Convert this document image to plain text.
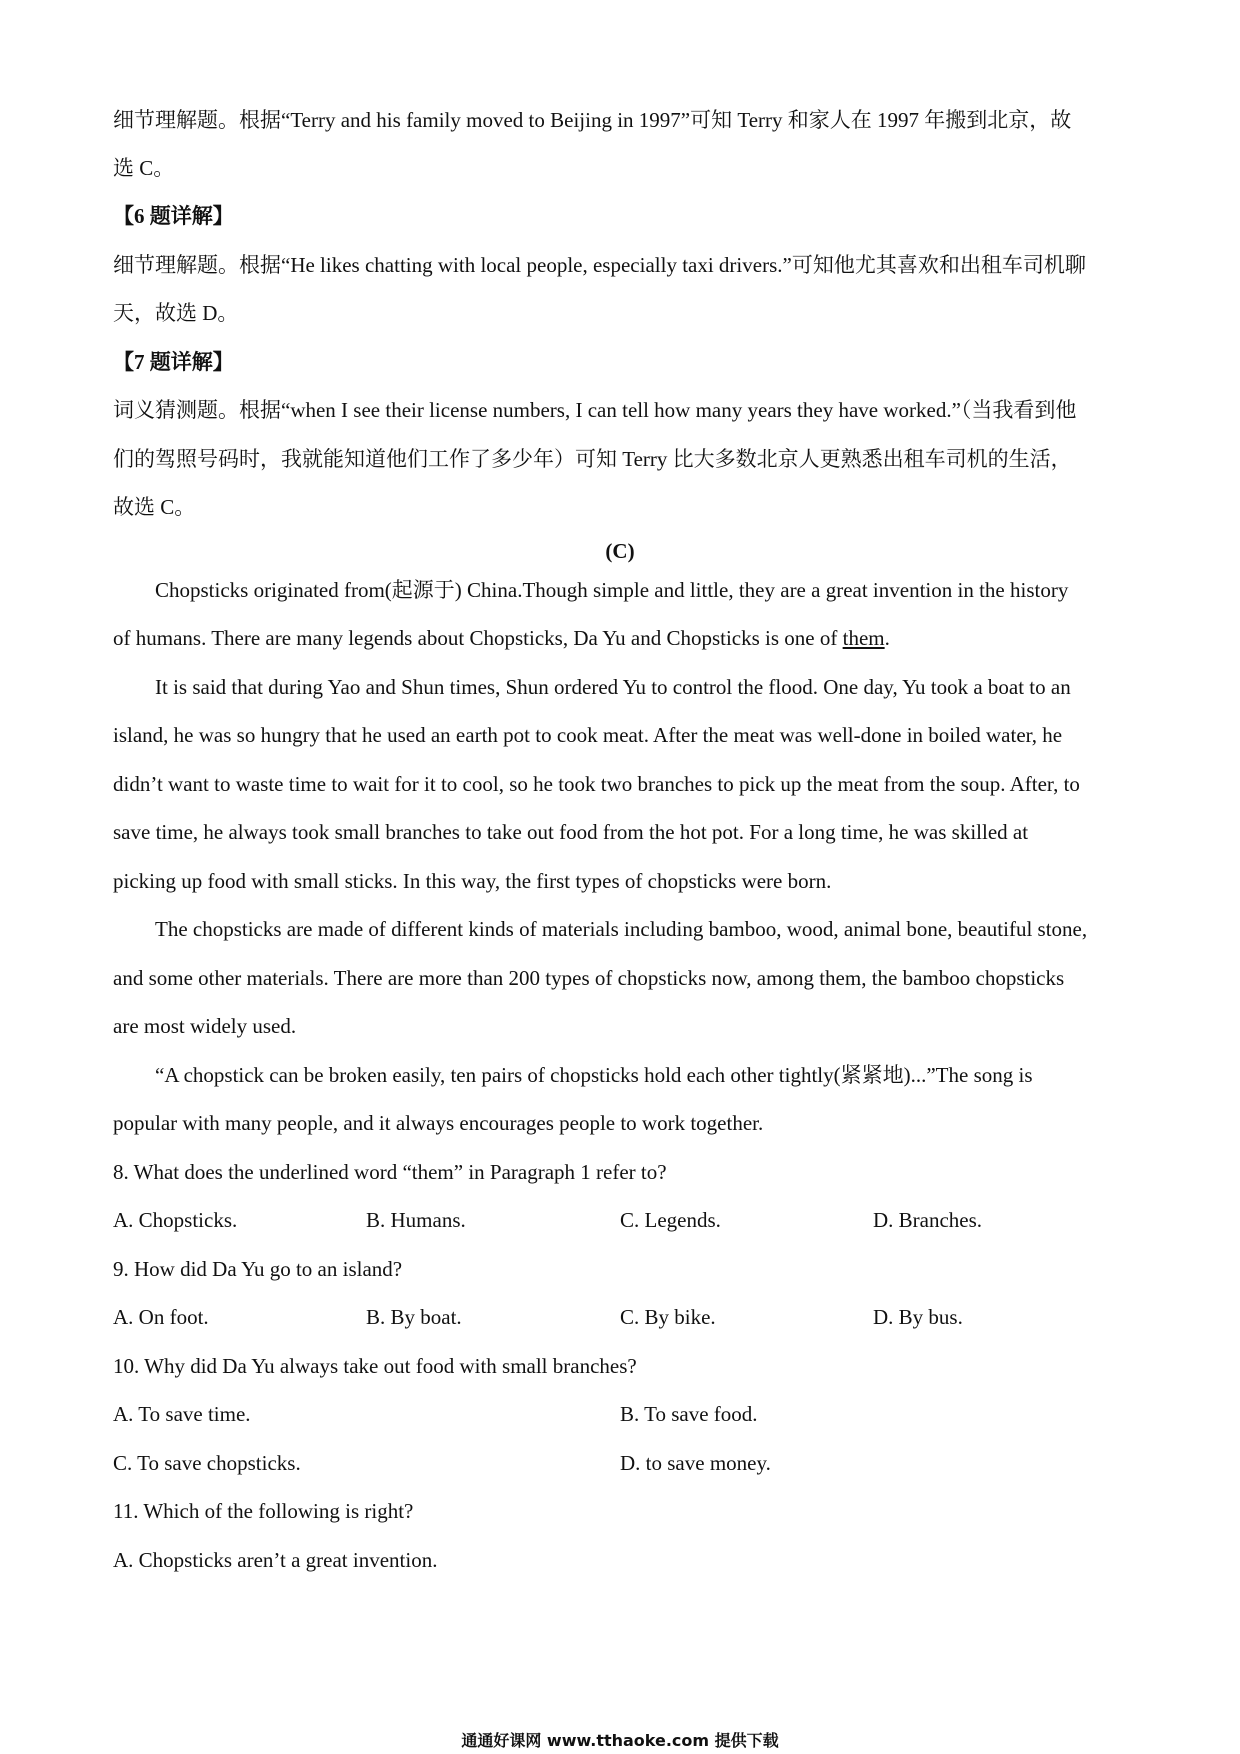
细节理解题。根据“Terry and his family moved to Beijing in 1997”可知 Terry 和家人在 1997 年搬到北京，故
选 C。
【6 题详解】
细节理解题。根据“He likes chatting with local people, especially taxi drivers.”可知他尤其喜欢和出租车司机聊
天，故选 D。
【7 题详解】
词义猜测题。根据“when I see their license numbers, I can tell how many years they have worked.”（当我看到他
们的驾照号码时，我就能知道他们工作了多少年）可知 Terry 比大多数北京人更熟悉出租车司机的生活，
故选 C。
(C)
Chopsticks originated from(起源于) China.Though simple and little, they are a great invention in the history
of humans. There are many legends about Chopsticks, Da Yu and Chopsticks is one of them.
It is said that during Yao and Shun times, Shun ordered Yu to control the flood. One day, Yu took a boat to an
island, he was so hungry that he used an earth pot to cook meat. After the meat was well-done in boiled water, he
didn’t want to waste time to wait for it to cool, so he took two branches to pick up the meat from the soup. After, to
save time, he always took small branches to take out food from the hot pot. For a long time, he was skilled at
picking up food with small sticks. In this way, the first types of chopsticks were born.
The chopsticks are made of different kinds of materials including bamboo, wood, animal bone, beautiful stone,
and some other materials. There are more than 200 types of chopsticks now, among them, the bamboo chopsticks
are most widely used.
“A chopstick can be broken easily, ten pairs of chopsticks hold each other tightly(紧紧地)...”The song is
popular with many people, and it always encourages people to work together.
8. What does the underlined word “them” in Paragraph 1 refer to?
A. Chopsticks.	B. Humans.	C. Legends.	D. Branches.
9. How did Da Yu go to an island?
A. On foot.	B. By boat.	C. By bike.	D. By bus.
10. Why did Da Yu always take out food with small branches?
A. To save time.	B. To save food.
C. To save chopsticks.	D. to save money.
11. Which of the following is right?
A. Chopsticks aren’t a great invention.
通通好课网 www.tthaoke.com 提供下载
